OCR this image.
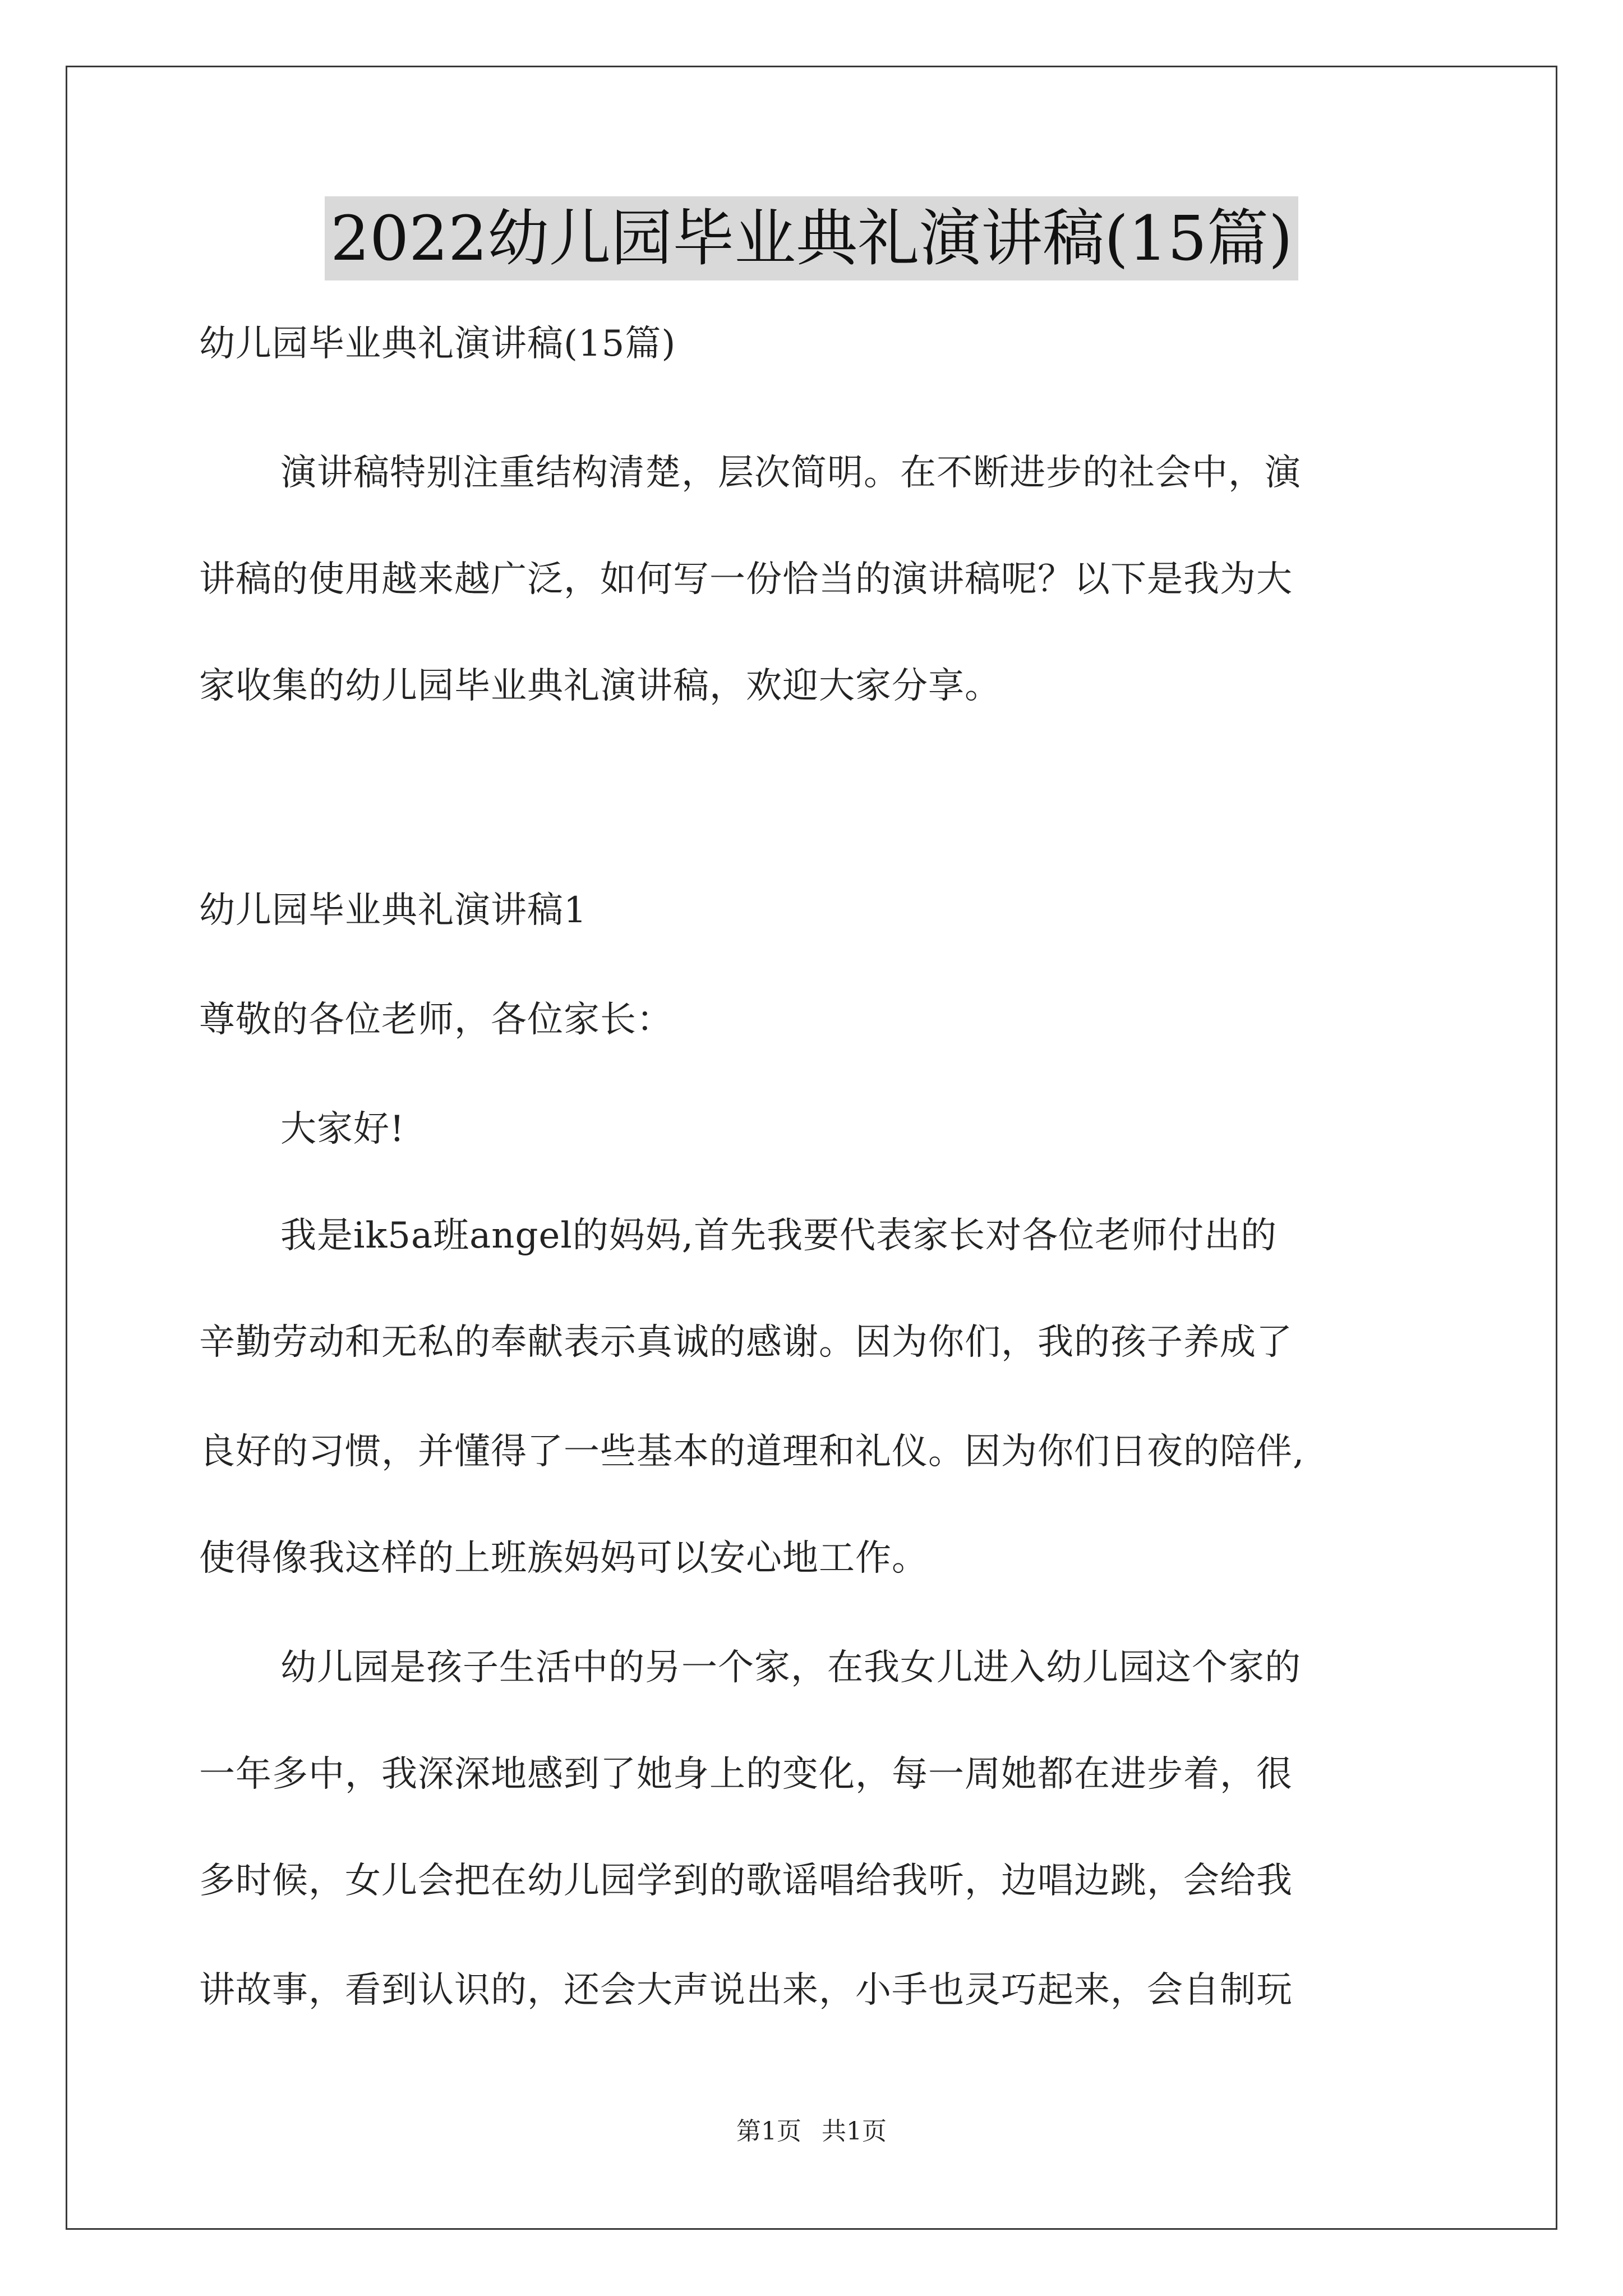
2022幼儿园毕业典礼演讲稿(15篇)
幼儿园毕业典礼演讲稿(15篇)
演讲稿特别注重结构清楚，层次简明。在不断进步的社会中，演
讲稿的使用越来越广泛，如何写一份恰当的演讲稿呢？以下是我为大
家收集的幼儿园毕业典礼演讲稿，欢迎大家分享。
幼儿园毕业典礼演讲稿1
尊敬的各位老师，各位家长：
大家好!
我是ik5a班angel的妈妈,首先我要代表家长对各位老师付出的
辛勤劳动和无私的奉献表示真诚的感谢。因为你们，我的孩子养成了
良好的习惯，并懂得了一些基本的道理和礼仪。因为你们日夜的陪伴,
使得像我这样的上班族妈妈可以安心地工作。
幼儿园是孩子生活中的另一个家，在我女儿进入幼儿园这个家的
一年多中，我深深地感到了她身上的变化，每一周她都在进步着，很
多时候，女儿会把在幼儿园学到的歌谣唱给我听，边唱边跳，会给我
讲故事，看到认识的，还会大声说出来，小手也灵巧起来，会自制玩
第1页 共1页
